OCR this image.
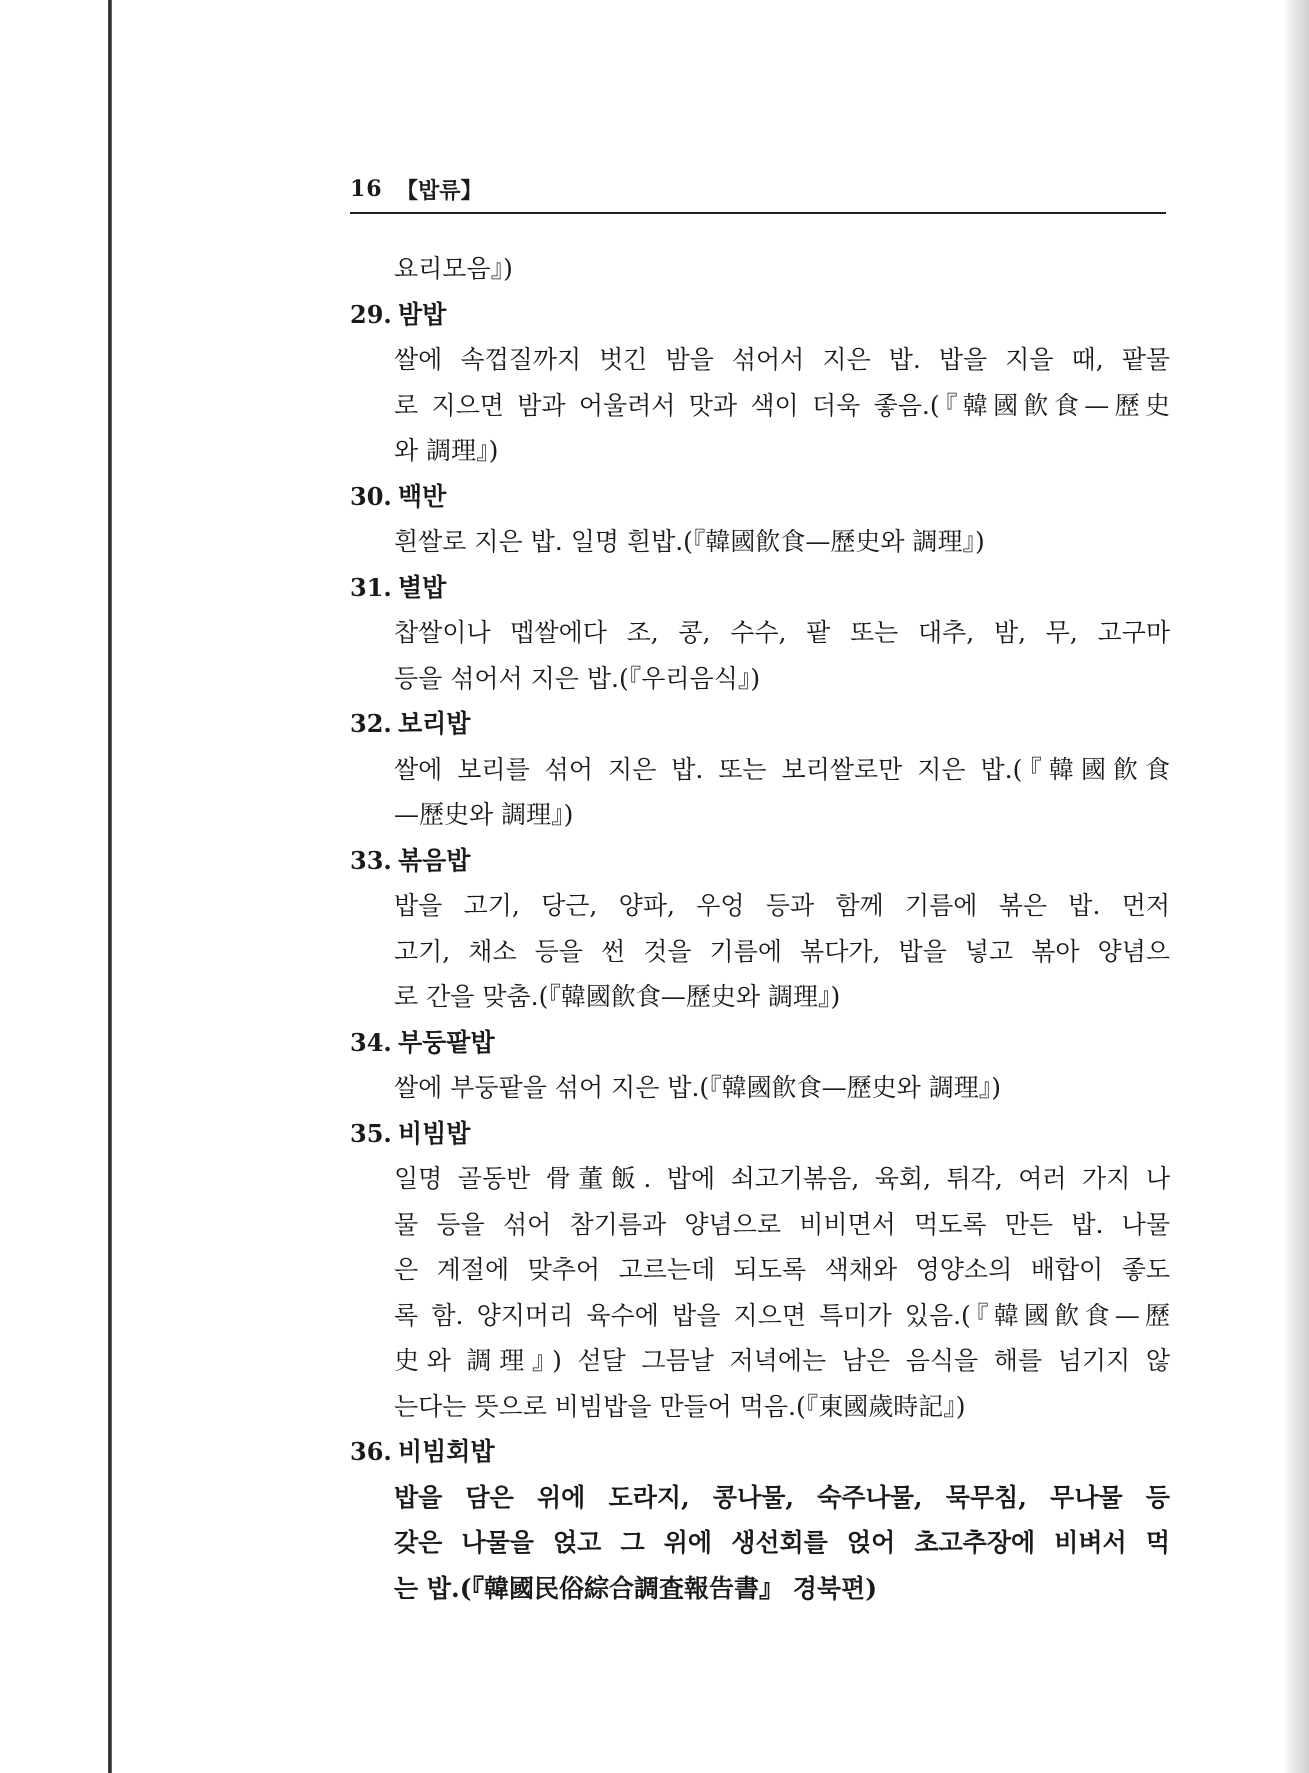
16 【밥류】
요리모음』)
29. 밤밥
쌀에 속껍질까지 벗긴 밤을 섞어서 지은 밥. 밥을 지을 때, 팥물
로 지으면 밤과 어울려서 맛과 색이 더욱 좋음.(『韓國飮食—歷史
와 調理』)
30. 백반
흰쌀로 지은 밥. 일명 흰밥.(『韓國飮食—歷史와 調理』)
31. 별밥
찹쌀이나 멥쌀에다 조, 콩, 수수, 팥 또는 대추, 밤, 무, 고구마
등을 섞어서 지은 밥.(『우리음식』)
32. 보리밥
쌀에 보리를 섞어 지은 밥. 또는 보리쌀로만 지은 밥.(『韓國飮食
—歷史와 調理』)
33. 볶음밥
밥을 고기, 당근, 양파, 우엉 등과 함께 기름에 볶은 밥. 먼저
고기, 채소 등을 썬 것을 기름에 볶다가, 밥을 넣고 볶아 양념으
로 간을 맞춤.(『韓國飮食—歷史와 調理』)
34. 부둥팥밥
쌀에 부둥팥을 섞어 지은 밥.(『韓國飮食—歷史와 調理』)
35. 비빔밥
일명 골동반 骨董飯. 밥에 쇠고기볶음, 육회, 튀각, 여러 가지 나
물 등을 섞어 참기름과 양념으로 비비면서 먹도록 만든 밥. 나물
은 계절에 맞추어 고르는데 되도록 색채와 영양소의 배합이 좋도
록 함. 양지머리 육수에 밥을 지으면 특미가 있음.(『韓國飮食—歷
史와 調理』) 섣달 그믐날 저녁에는 남은 음식을 해를 넘기지 않
는다는 뜻으로 비빔밥을 만들어 먹음.(『東國歲時記』)
36. 비빔회밥
밥을 담은 위에 도라지, 콩나물, 숙주나물, 묵무침, 무나물 등
갖은 나물을 얹고 그 위에 생선회를 얹어 초고추장에 비벼서 먹
는 밥.(『韓國民俗綜合調査報告書』 경북편)
